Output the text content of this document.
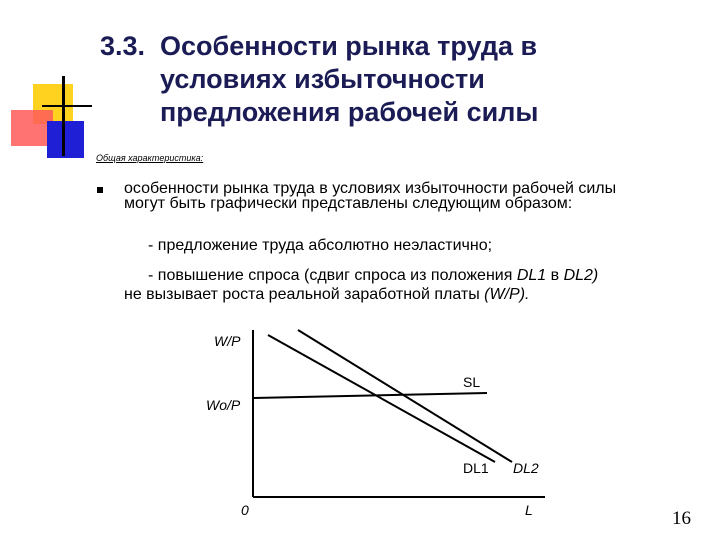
3.3. Особенности рынка труда в
условиях избыточности
предложения рабочей силы
Общая характеристика:
особенности рынка труда в условиях избыточности рабочей силы могут быть графически представлены следующим образом:
- предложение труда абсолютно неэластично;
- повышение спроса (сдвиг спроса из положения DL1 в DL2)
не вызывает роста реальной заработной платы (W/P).
W/P
Wo/P
0	L
SL
DL1 DL2
16
